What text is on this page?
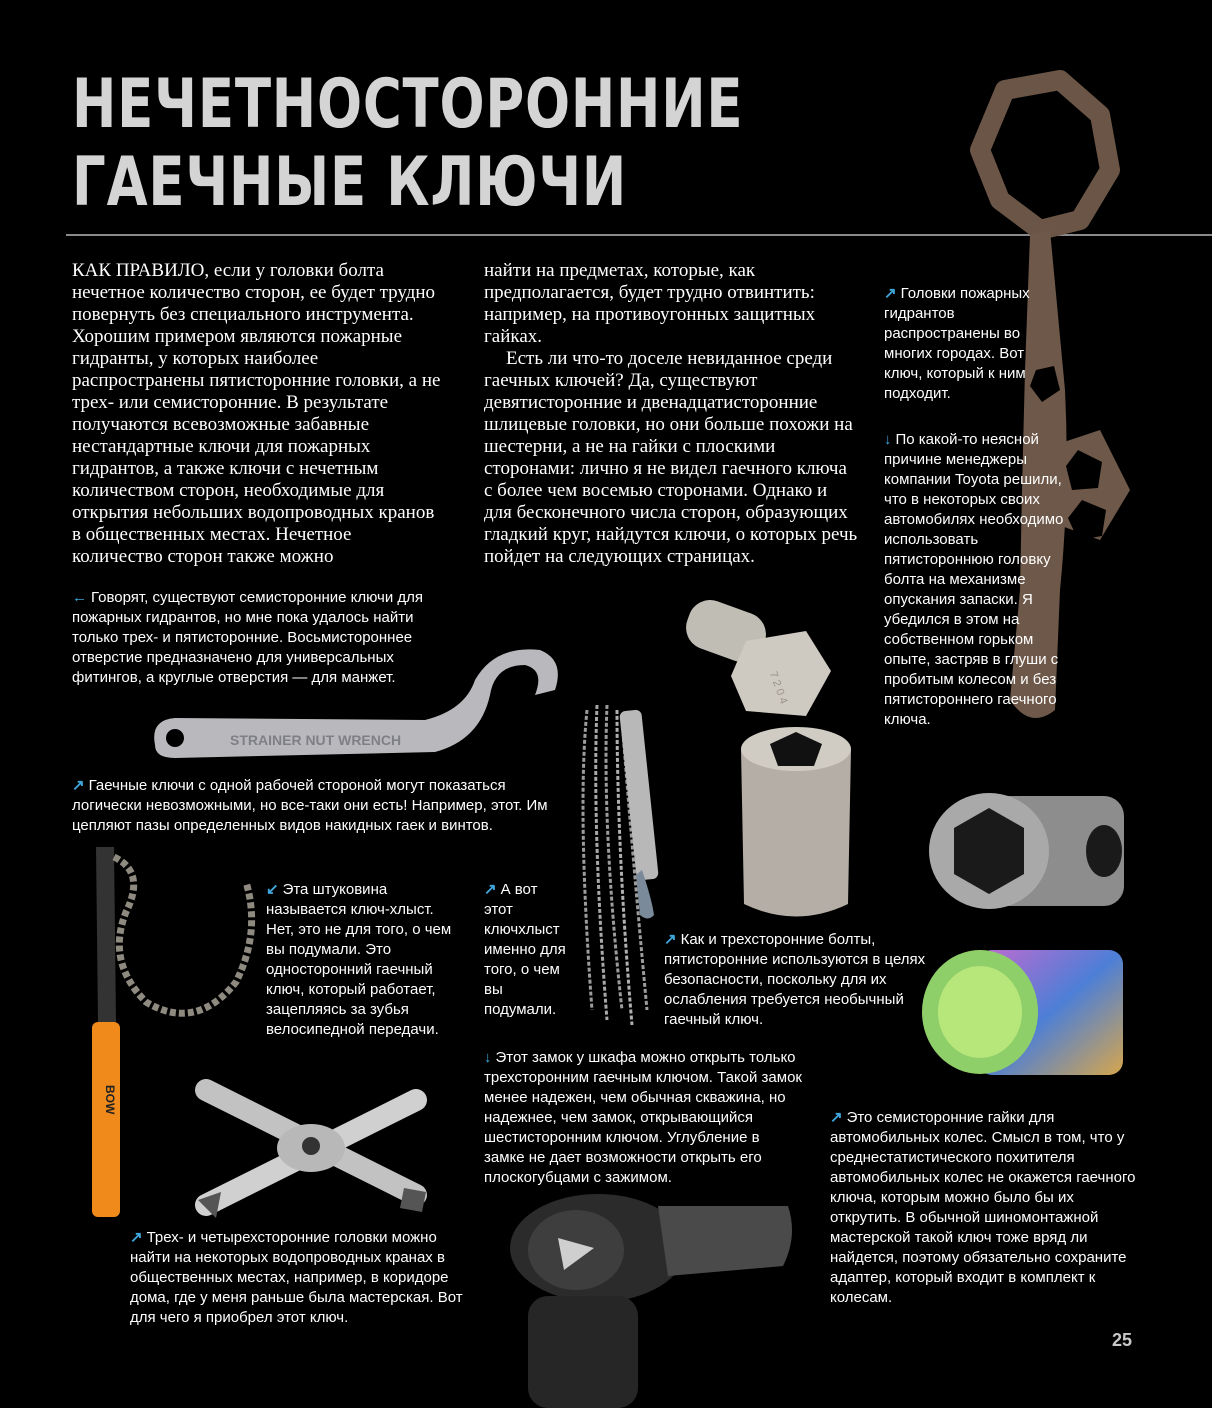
НЕЧЕТНОСТОРОННИЕ
ГАЕЧНЫЕ КЛЮЧИ

КАК ПРАВИЛО, если у головки болта нечетное количество сторон, ее будет трудно повернуть без специального инструмента. Хорошим примером являются пожарные гидранты, у которых наиболее распространены пятисторонние головки, а не трех- или семисторонние. В результате получаются всевозможные забавные нестандартные ключи для пожарных гидрантов, а также ключи с нечетным количеством сторон, необходимые для открытия небольших водопроводных кранов в общественных местах. Нечетное количество сторон также можно

найти на предметах, которые, как предполагается, будет трудно отвинтить: например, на противоугонных защитных гайках.

Есть ли что-то доселе невиданное среди гаечных ключей? Да, существуют девятисторонние и двенадцатисторонние шлицевые головки, но они больше похожи на шестерни, а не на гайки с плоскими сторонами: лично я не видел гаечного ключа с более чем восемью сторонами. Однако и для бесконечного числа сторон, образующих гладкий круг, найдутся ключи, о которых речь пойдет на следующих страницах.

↗ Головки пожарных гидрантов распространены во многих городах. Вот ключ, который к ним подходит.
↓ По какой-то неясной причине менеджеры компании Toyota решили, что в некоторых своих автомобилях необходимо использовать пятистороннюю головку болта на механизме опускания запаски. Я убедился в этом на собственном горьком опыте, застряв в глуши с пробитым колесом и без пятистороннего гаечного ключа.
← Говорят, существуют семисторонние ключи для пожарных гидрантов, но мне пока удалось найти только трех- и пятисторонние. Восьмистороннее отверстие предназначено для универсальных фитингов, а круглые отверстия — для манжет.
STRAINER NUT WRENCH
7 2 0 4
↗ Гаечные ключи с одной рабочей стороной могут показаться логически невозможными, но все-таки они есть! Например, этот. Им цепляют пазы определенных видов накидных гаек и винтов.
↗ Как и трехсторонние болты, пятисторонние используются в целях безопасности, поскольку для их ослабления требуется необычный гаечный ключ.
BOW
↙ Эта штуковина называется ключ-хлыст. Нет, это не для того, о чем вы подумали. Это односторонний гаечный ключ, который работает, зацепляясь за зубья велосипедной передачи.
↗ А вот этот ключхлыст именно для того, о чем вы подумали.
↓ Этот замок у шкафа можно открыть только трехсторонним гаечным ключом. Такой замок менее надежен, чем обычная скважина, но надежнее, чем замок, открывающийся шестисторонним ключом. Углубление в замке не дает возможности открыть его плоскогубцами с зажимом.
↗ Трех- и четырехсторонние головки можно найти на некоторых водопроводных кранах в общественных местах, например, в коридоре дома, где у меня раньше была мастерская. Вот для чего я приобрел этот ключ.
↗ Это семисторонние гайки для автомобильных колес. Смысл в том, что у среднестатистического похитителя автомобильных колес не окажется гаечного ключа, которым можно было бы их открутить. В обычной шиномонтажной мастерской такой ключ тоже вряд ли найдется, поэтому обязательно сохраните адаптер, который входит в комплект к колесам.
25
